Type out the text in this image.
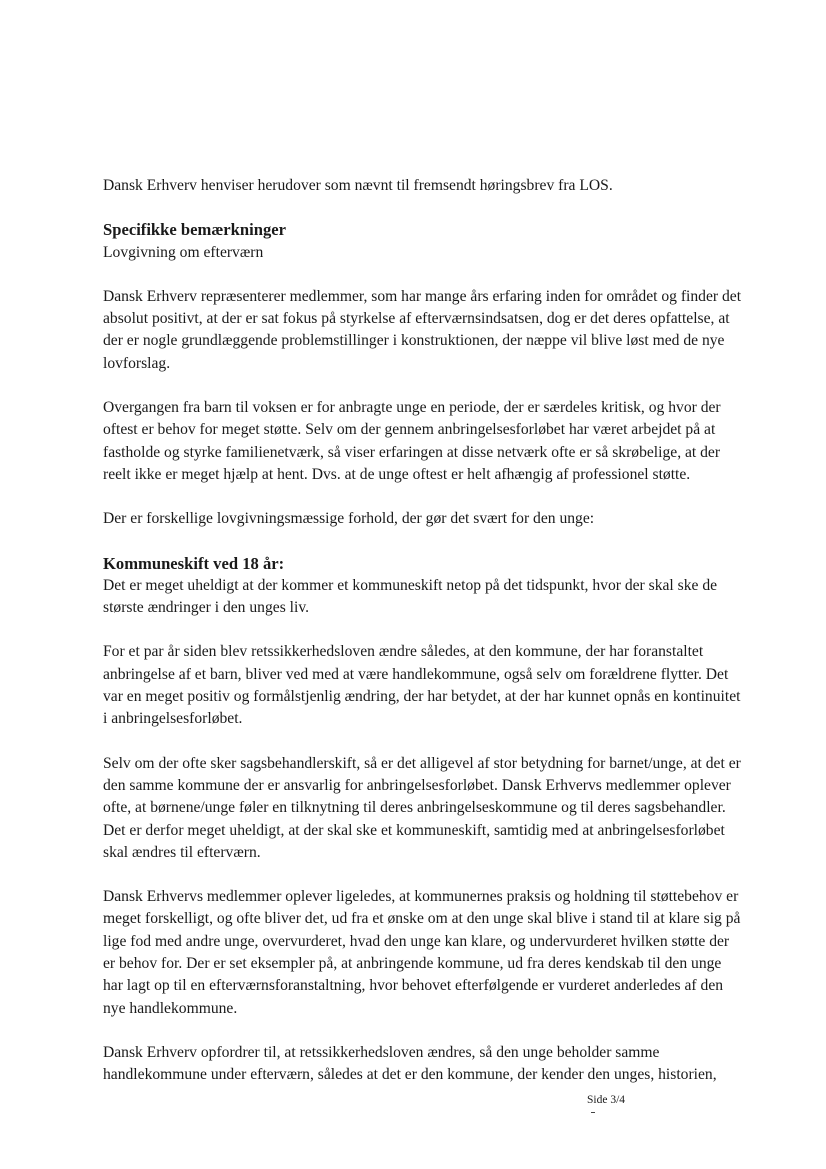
Dansk Erhverv henviser herudover som nævnt til fremsendt høringsbrev fra LOS.

Specifikke bemærkninger
Lovgivning om efterværn

Dansk Erhverv repræsenterer medlemmer, som har mange års erfaring inden for området og finder det absolut positivt, at der er sat fokus på styrkelse af efterværnsindsatsen, dog er det deres opfattelse, at der er nogle grundlæggende problemstillinger i konstruktionen, der næppe vil blive løst med de nye lovforslag.

Overgangen fra barn til voksen er for anbragte unge en periode, der er særdeles kritisk, og hvor der oftest er behov for meget støtte. Selv om der gennem anbringelsesforløbet har været arbejdet på at fastholde og styrke familienetværk, så viser erfaringen at disse netværk ofte er så skrøbelige, at der reelt ikke er meget hjælp at hent. Dvs. at de unge oftest er helt afhængig af professionel støtte.

Der er forskellige lovgivningsmæssige forhold, der gør det svært for den unge:

Kommuneskift ved 18 år:
Det er meget uheldigt at der kommer et kommuneskift netop på det tidspunkt, hvor der skal ske de største ændringer i den unges liv.

For et par år siden blev retssikkerhedsloven ændre således, at den kommune, der har foranstaltet anbringelse af et barn, bliver ved med at være handlekommune, også selv om forældrene flytter. Det var en meget positiv og formålstjenlig ændring, der har betydet, at der har kunnet opnås en kontinuitet i anbringelsesforløbet.

Selv om der ofte sker sagsbehandlerskift, så er det alligevel af stor betydning for barnet/unge, at det er den samme kommune der er ansvarlig for anbringelsesforløbet. Dansk Erhvervs medlemmer oplever ofte, at børnene/unge føler en tilknytning til deres anbringelseskommune og til deres sagsbehandler. Det er derfor meget uheldigt, at der skal ske et kommuneskift, samtidig med at anbringelsesforløbet skal ændres til efterværn.

Dansk Erhvervs medlemmer oplever ligeledes, at kommunernes praksis og holdning til støttebehov er meget forskelligt, og ofte bliver det, ud fra et ønske om at den unge skal blive i stand til at klare sig på lige fod med andre unge, overvurderet, hvad den unge kan klare, og undervurderet hvilken støtte der er behov for. Der er set eksempler på, at anbringende kommune, ud fra deres kendskab til den unge har lagt op til en efterværnsforanstaltning, hvor behovet efterfølgende er vurderet anderledes af den nye handlekommune.

Dansk Erhverv opfordrer til, at retssikkerhedsloven ændres, så den unge beholder samme handlekommune under efterværn, således at det er den kommune, der kender den unges, historien,

Side 3/4
